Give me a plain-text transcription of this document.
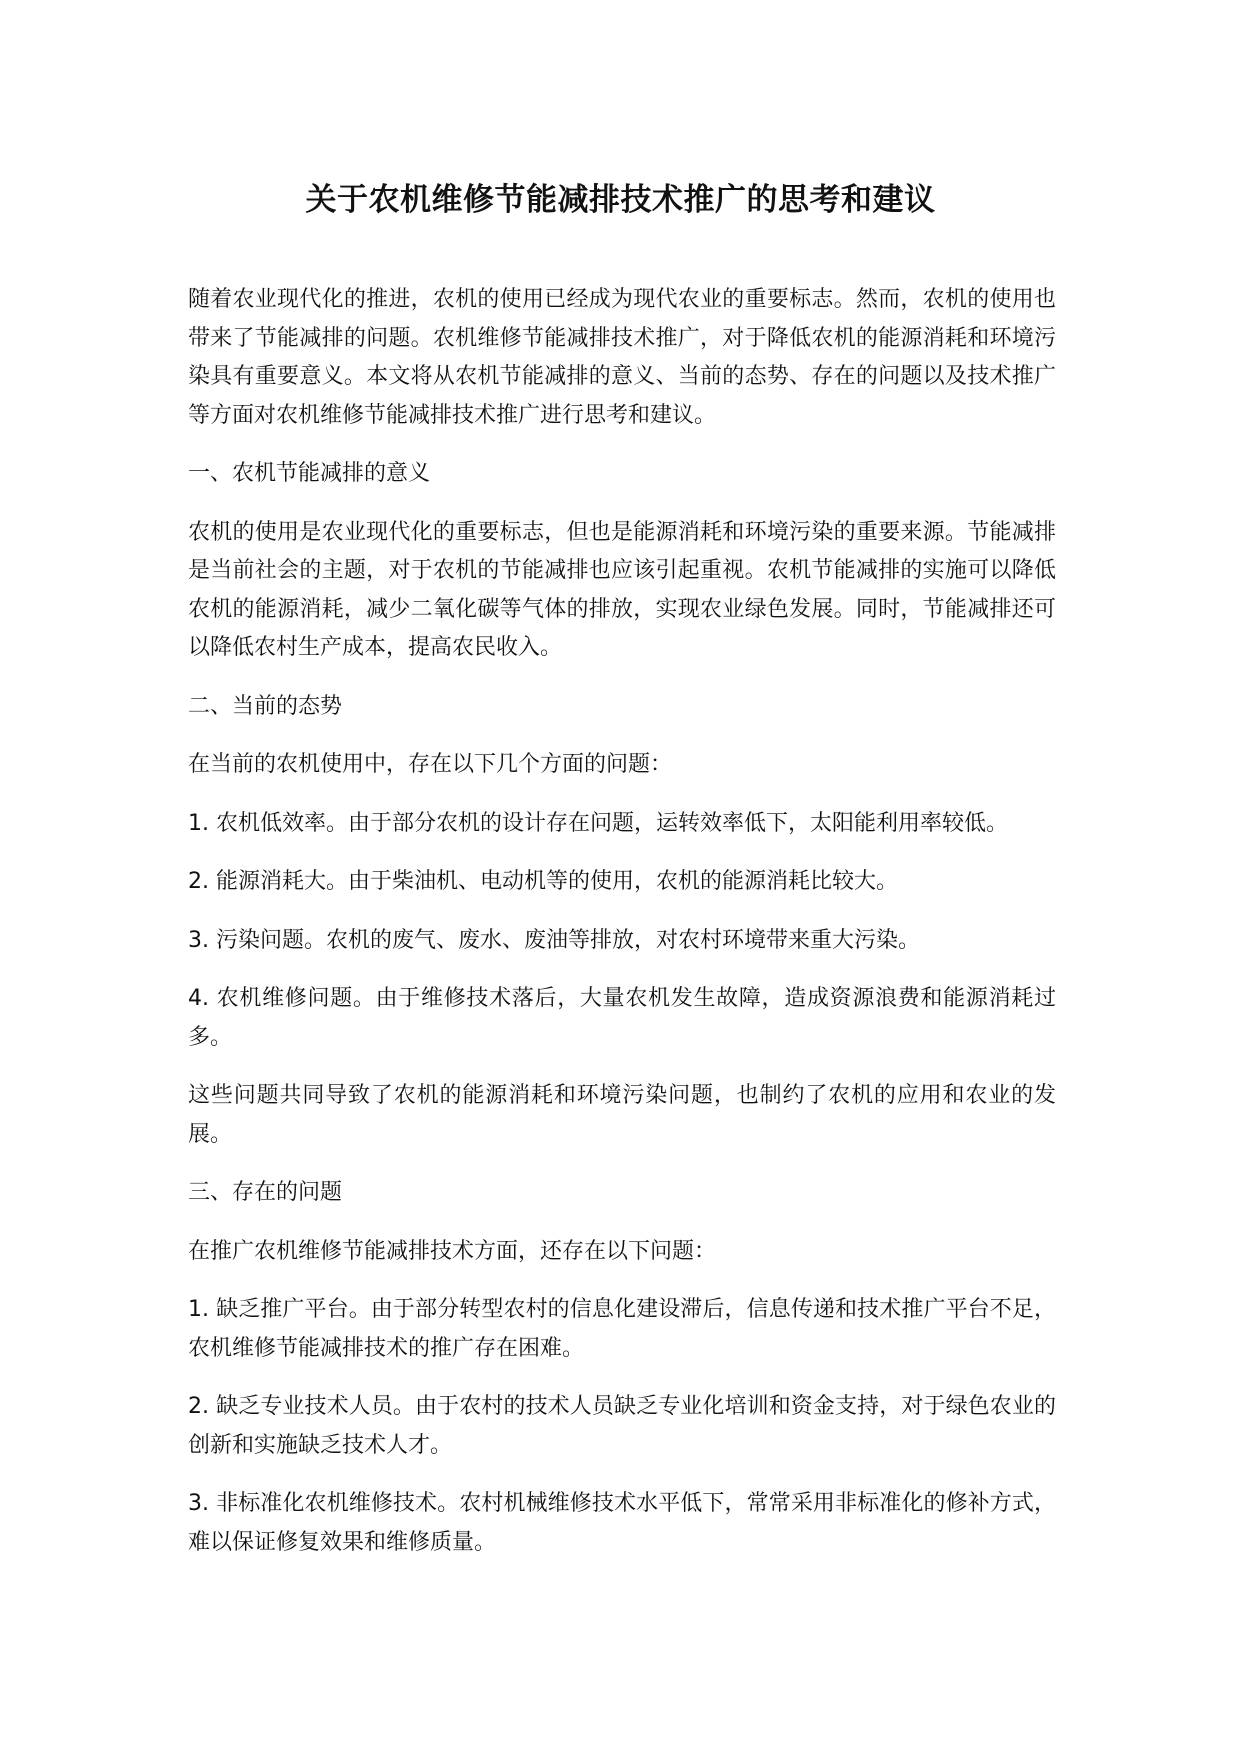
关于农机维修节能减排技术推广的思考和建议

随着农业现代化的推进，农机的使用已经成为现代农业的重要标志。然而，农机的使用也带来了节能减排的问题。农机维修节能减排技术推广，对于降低农机的能源消耗和环境污染具有重要意义。本文将从农机节能减排的意义、当前的态势、存在的问题以及技术推广等方面对农机维修节能减排技术推广进行思考和建议。

一、农机节能减排的意义

农机的使用是农业现代化的重要标志，但也是能源消耗和环境污染的重要来源。节能减排是当前社会的主题，对于农机的节能减排也应该引起重视。农机节能减排的实施可以降低农机的能源消耗，减少二氧化碳等气体的排放，实现农业绿色发展。同时，节能减排还可以降低农村生产成本，提高农民收入。

二、当前的态势

在当前的农机使用中，存在以下几个方面的问题：

1. 农机低效率。由于部分农机的设计存在问题，运转效率低下，太阳能利用率较低。

2. 能源消耗大。由于柴油机、电动机等的使用，农机的能源消耗比较大。

3. 污染问题。农机的废气、废水、废油等排放，对农村环境带来重大污染。

4. 农机维修问题。由于维修技术落后，大量农机发生故障，造成资源浪费和能源消耗过多。

这些问题共同导致了农机的能源消耗和环境污染问题，也制约了农机的应用和农业的发展。

三、存在的问题

在推广农机维修节能减排技术方面，还存在以下问题：

1. 缺乏推广平台。由于部分转型农村的信息化建设滞后，信息传递和技术推广平台不足，农机维修节能减排技术的推广存在困难。

2. 缺乏专业技术人员。由于农村的技术人员缺乏专业化培训和资金支持，对于绿色农业的创新和实施缺乏技术人才。

3. 非标准化农机维修技术。农村机械维修技术水平低下，常常采用非标准化的修补方式，难以保证修复效果和维修质量。
